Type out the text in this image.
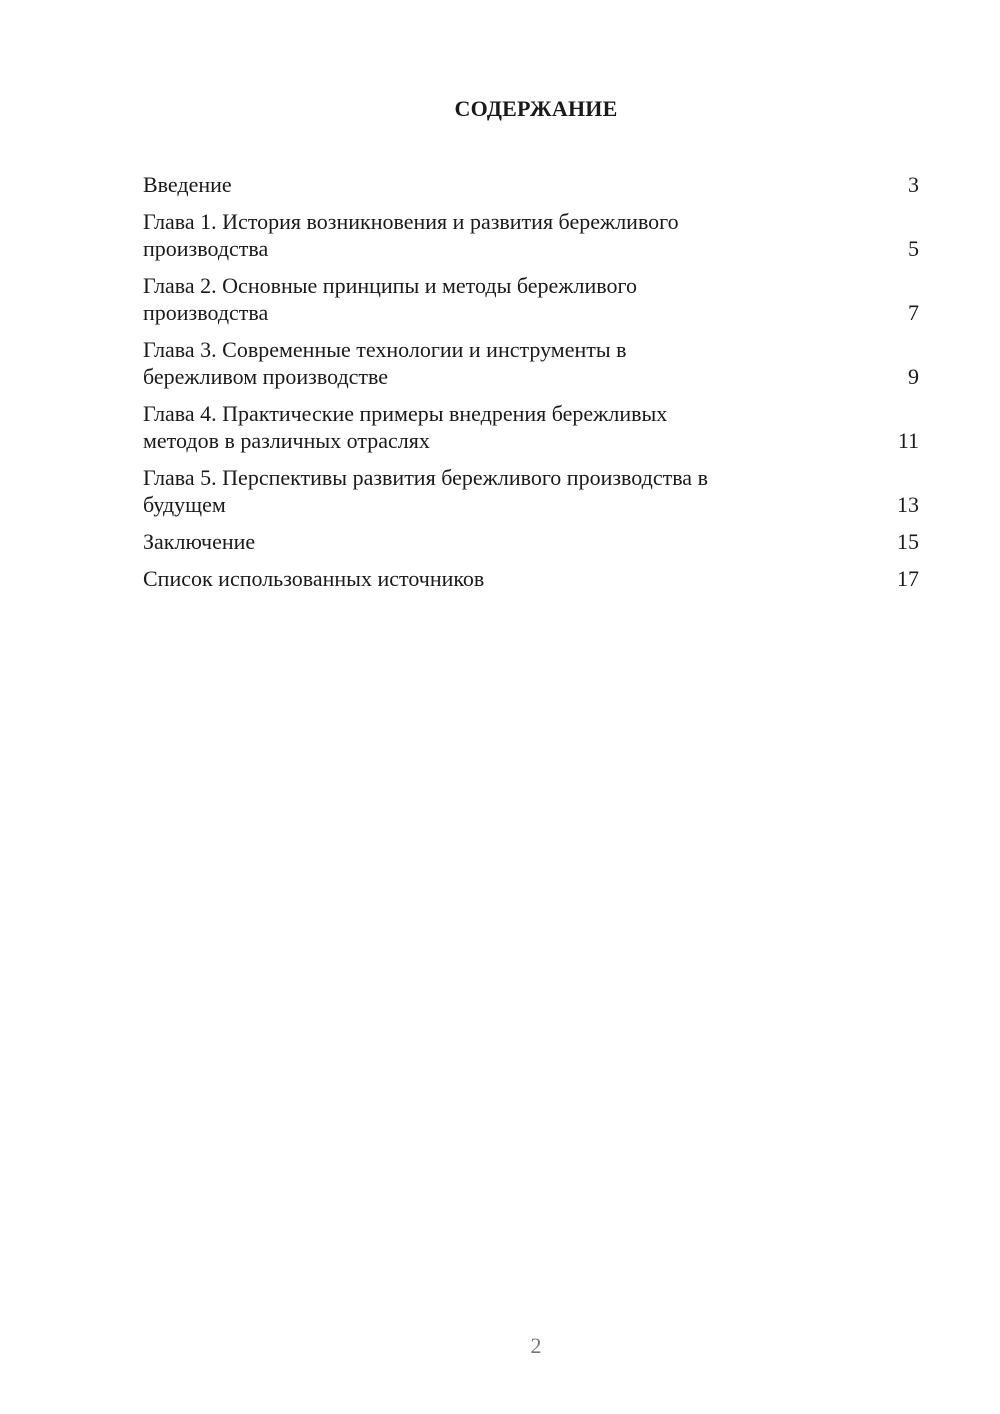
СОДЕРЖАНИЕ
Введение	3
Глава 1. История возникновения и развития бережливого
производства	5
Глава 2. Основные принципы и методы бережливого
производства	7
Глава 3. Современные технологии и инструменты в
бережливом производстве	9
Глава 4. Практические примеры внедрения бережливых
методов в различных отраслях	11
Глава 5. Перспективы развития бережливого производства в
будущем	13
Заключение	15
Список использованных источников	17
2
